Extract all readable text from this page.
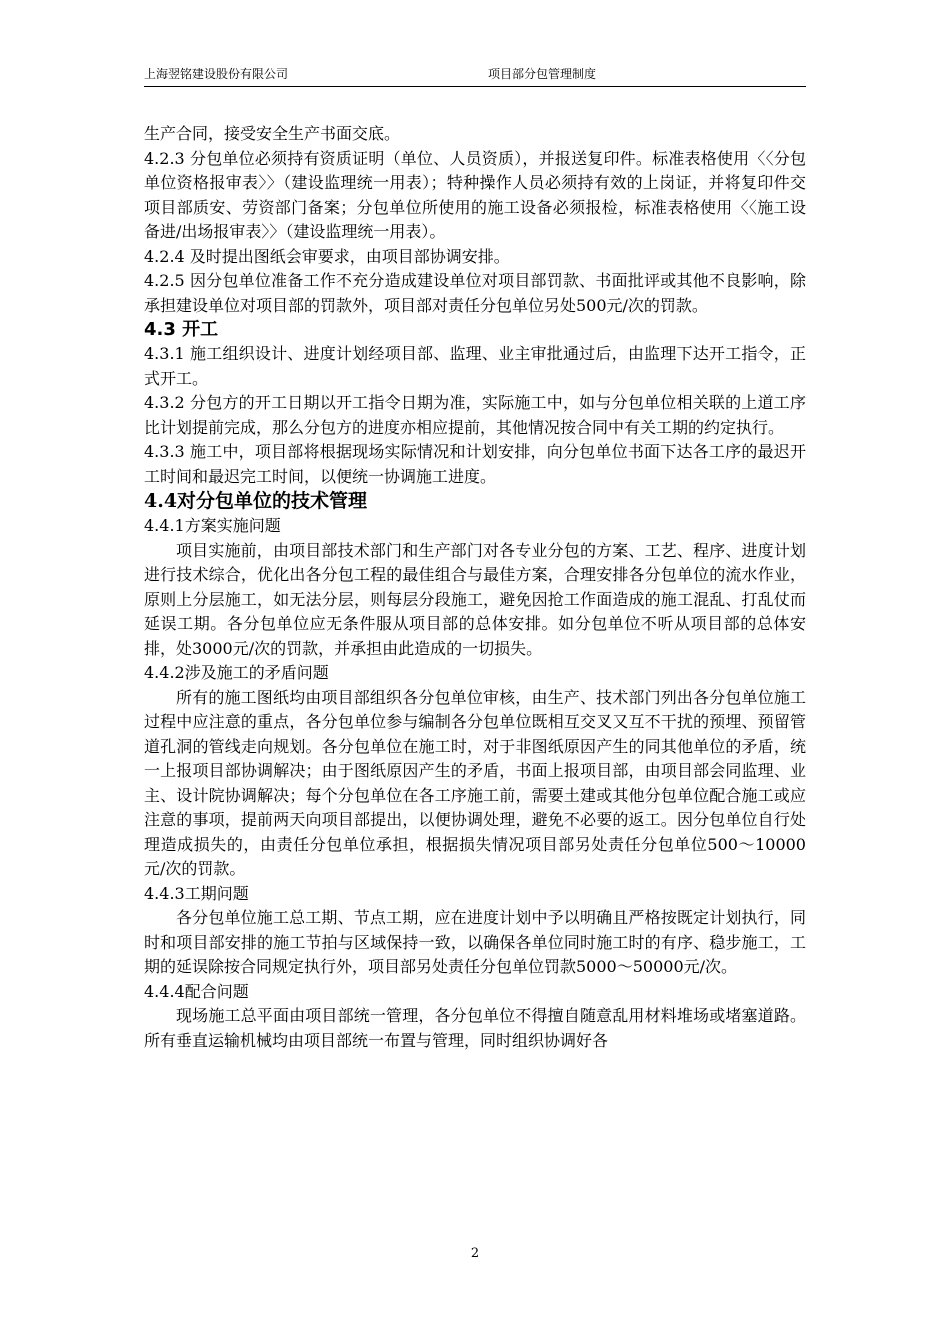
上海翌铭建设股份有限公司	项目部分包管理制度

生产合同，接受安全生产书面交底。

4.2.3 分包单位必须持有资质证明（单位、人员资质），并报送复印件。标准表格使用〈〈分包单位资格报审表〉〉（建设监理统一用表）；特种操作人员必须持有效的上岗证，并将复印件交项目部质安、劳资部门备案；分包单位所使用的施工设备必须报检，标准表格使用〈〈施工设备进/出场报审表〉〉（建设监理统一用表）。

4.2.4 及时提出图纸会审要求，由项目部协调安排。

4.2.5 因分包单位准备工作不充分造成建设单位对项目部罚款、书面批评或其他不良影响，除承担建设单位对项目部的罚款外，项目部对责任分包单位另处500元/次的罚款。

4.3 开工

4.3.1 施工组织设计、进度计划经项目部、监理、业主审批通过后，由监理下达开工指令，正式开工。

4.3.2 分包方的开工日期以开工指令日期为准，实际施工中，如与分包单位相关联的上道工序比计划提前完成，那么分包方的进度亦相应提前，其他情况按合同中有关工期的约定执行。

4.3.3 施工中，项目部将根据现场实际情况和计划安排，向分包单位书面下达各工序的最迟开工时间和最迟完工时间，以便统一协调施工进度。

4.4对分包单位的技术管理

4.4.1方案实施问题

项目实施前，由项目部技术部门和生产部门对各专业分包的方案、工艺、程序、进度计划进行技术综合，优化出各分包工程的最佳组合与最佳方案，合理安排各分包单位的流水作业，原则上分层施工，如无法分层，则每层分段施工，避免因抢工作面造成的施工混乱、打乱仗而延误工期。各分包单位应无条件服从项目部的总体安排。如分包单位不听从项目部的总体安排，处3000元/次的罚款，并承担由此造成的一切损失。

4.4.2涉及施工的矛盾问题

所有的施工图纸均由项目部组织各分包单位审核，由生产、技术部门列出各分包单位施工过程中应注意的重点，各分包单位参与编制各分包单位既相互交叉又互不干扰的预埋、预留管道孔洞的管线走向规划。各分包单位在施工时，对于非图纸原因产生的同其他单位的矛盾，统一上报项目部协调解决；由于图纸原因产生的矛盾，书面上报项目部，由项目部会同监理、业主、设计院协调解决；每个分包单位在各工序施工前，需要土建或其他分包单位配合施工或应注意的事项，提前两天向项目部提出，以便协调处理，避免不必要的返工。因分包单位自行处理造成损失的，由责任分包单位承担，根据损失情况项目部另处责任分包单位500～10000元/次的罚款。

4.4.3工期问题

各分包单位施工总工期、节点工期，应在进度计划中予以明确且严格按既定计划执行，同时和项目部安排的施工节拍与区域保持一致，以确保各单位同时施工时的有序、稳步施工，工期的延误除按合同规定执行外，项目部另处责任分包单位罚款5000～50000元/次。

4.4.4配合问题

现场施工总平面由项目部统一管理，各分包单位不得擅自随意乱用材料堆场或堵塞道路。所有垂直运输机械均由项目部统一布置与管理，同时组织协调好各

2
